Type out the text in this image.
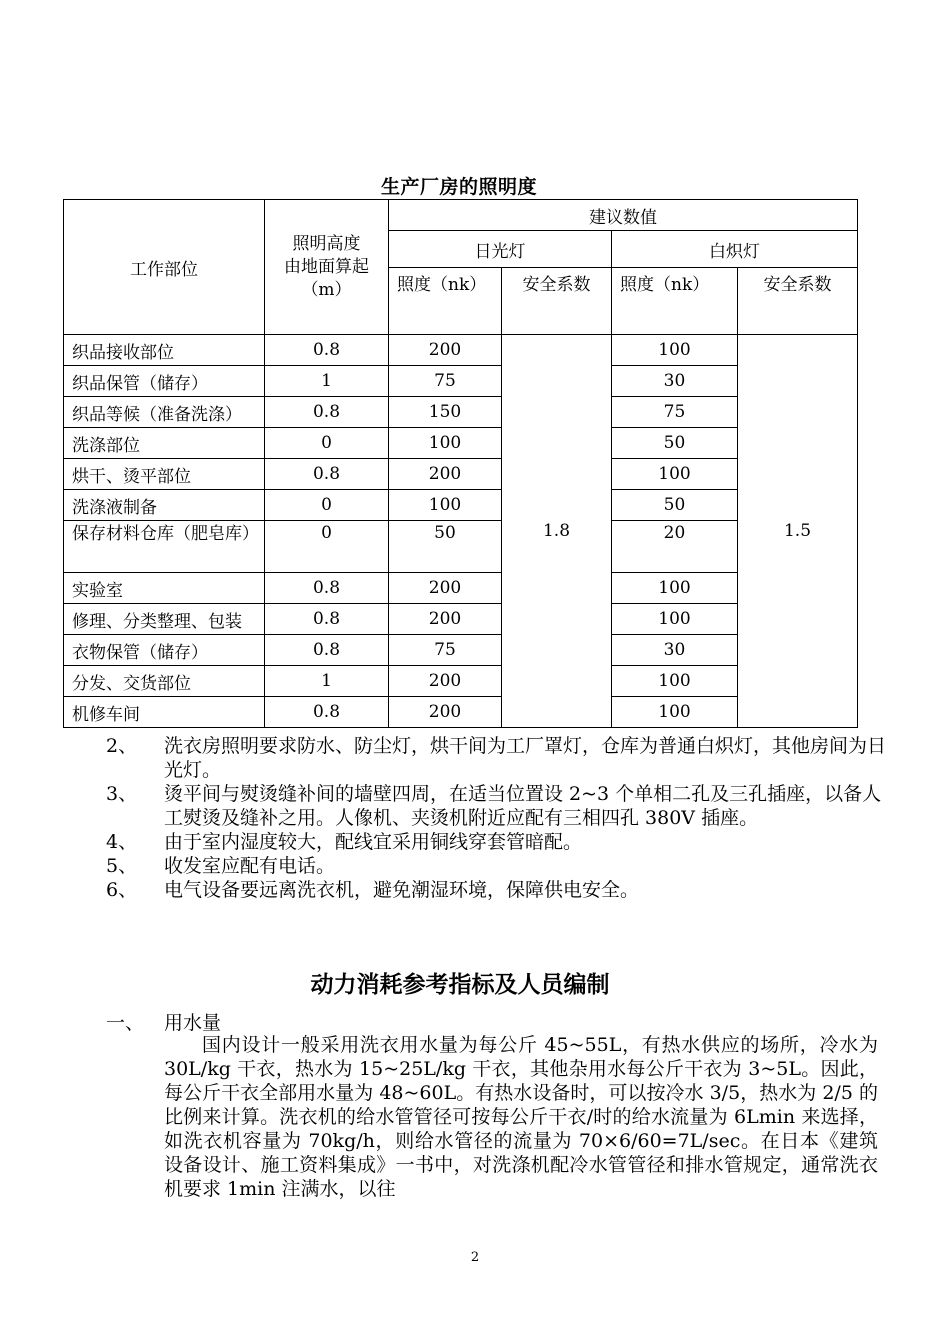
生产厂房的照明度
工作部位	照明高度
由地面算起
（m）	建议数值			
		日光灯		白炽灯	
		照度（nk）	安全系数	照度（nk）	安全系数
织品接收部位	0.8	200	1.8	100	1.5
织品保管（储存）	1	75		30	
织品等候（准备洗涤）	0.8	150		75	
洗涤部位	0	100		50	
烘干、烫平部位	0.8	200		100	
洗涤液制备	0	100		50	
保存材料仓库（肥皂库）	0	50		20	
实验室	0.8	200		100	
修理、分类整理、包装	0.8	200		100	
衣物保管（储存）	0.8	75		30	
分发、交货部位	1	200		100	
机修车间	0.8	200		100	
2、 洗衣房照明要求防水、防尘灯，烘干间为工厂罩灯，仓库为普通白炽灯，其他房间为日光灯。
3、 烫平间与熨烫缝补间的墙壁四周，在适当位置设 2~3 个单相二孔及三孔插座，以备人工熨烫及缝补之用。人像机、夹烫机附近应配有三相四孔 380V 插座。
4、 由于室内湿度较大，配线宜采用铜线穿套管暗配。
5、 收发室应配有电话。
6、 电气设备要远离洗衣机，避免潮湿环境，保障供电安全。
动力消耗参考指标及人员编制
一、 用水量
国内设计一般采用洗衣用水量为每公斤 45~55L，有热水供应的场所，冷水为 30L/kg 干衣，热水为 15~25L/kg 干衣，其他杂用水每公斤干衣为 3~5L。因此，每公斤干衣全部用水量为 48~60L。有热水设备时，可以按冷水 3/5，热水为 2/5 的比例来计算。洗衣机的给水管管径可按每公斤干衣/时的给水流量为 6Lmin 来选择，如洗衣机容量为 70kg/h，则给水管径的流量为 70×6/60=7L/sec。在日本《建筑设备设计、施工资料集成》一书中，对洗涤机配冷水管管径和排水管规定，通常洗衣机要求 1min 注满水，以往
2
